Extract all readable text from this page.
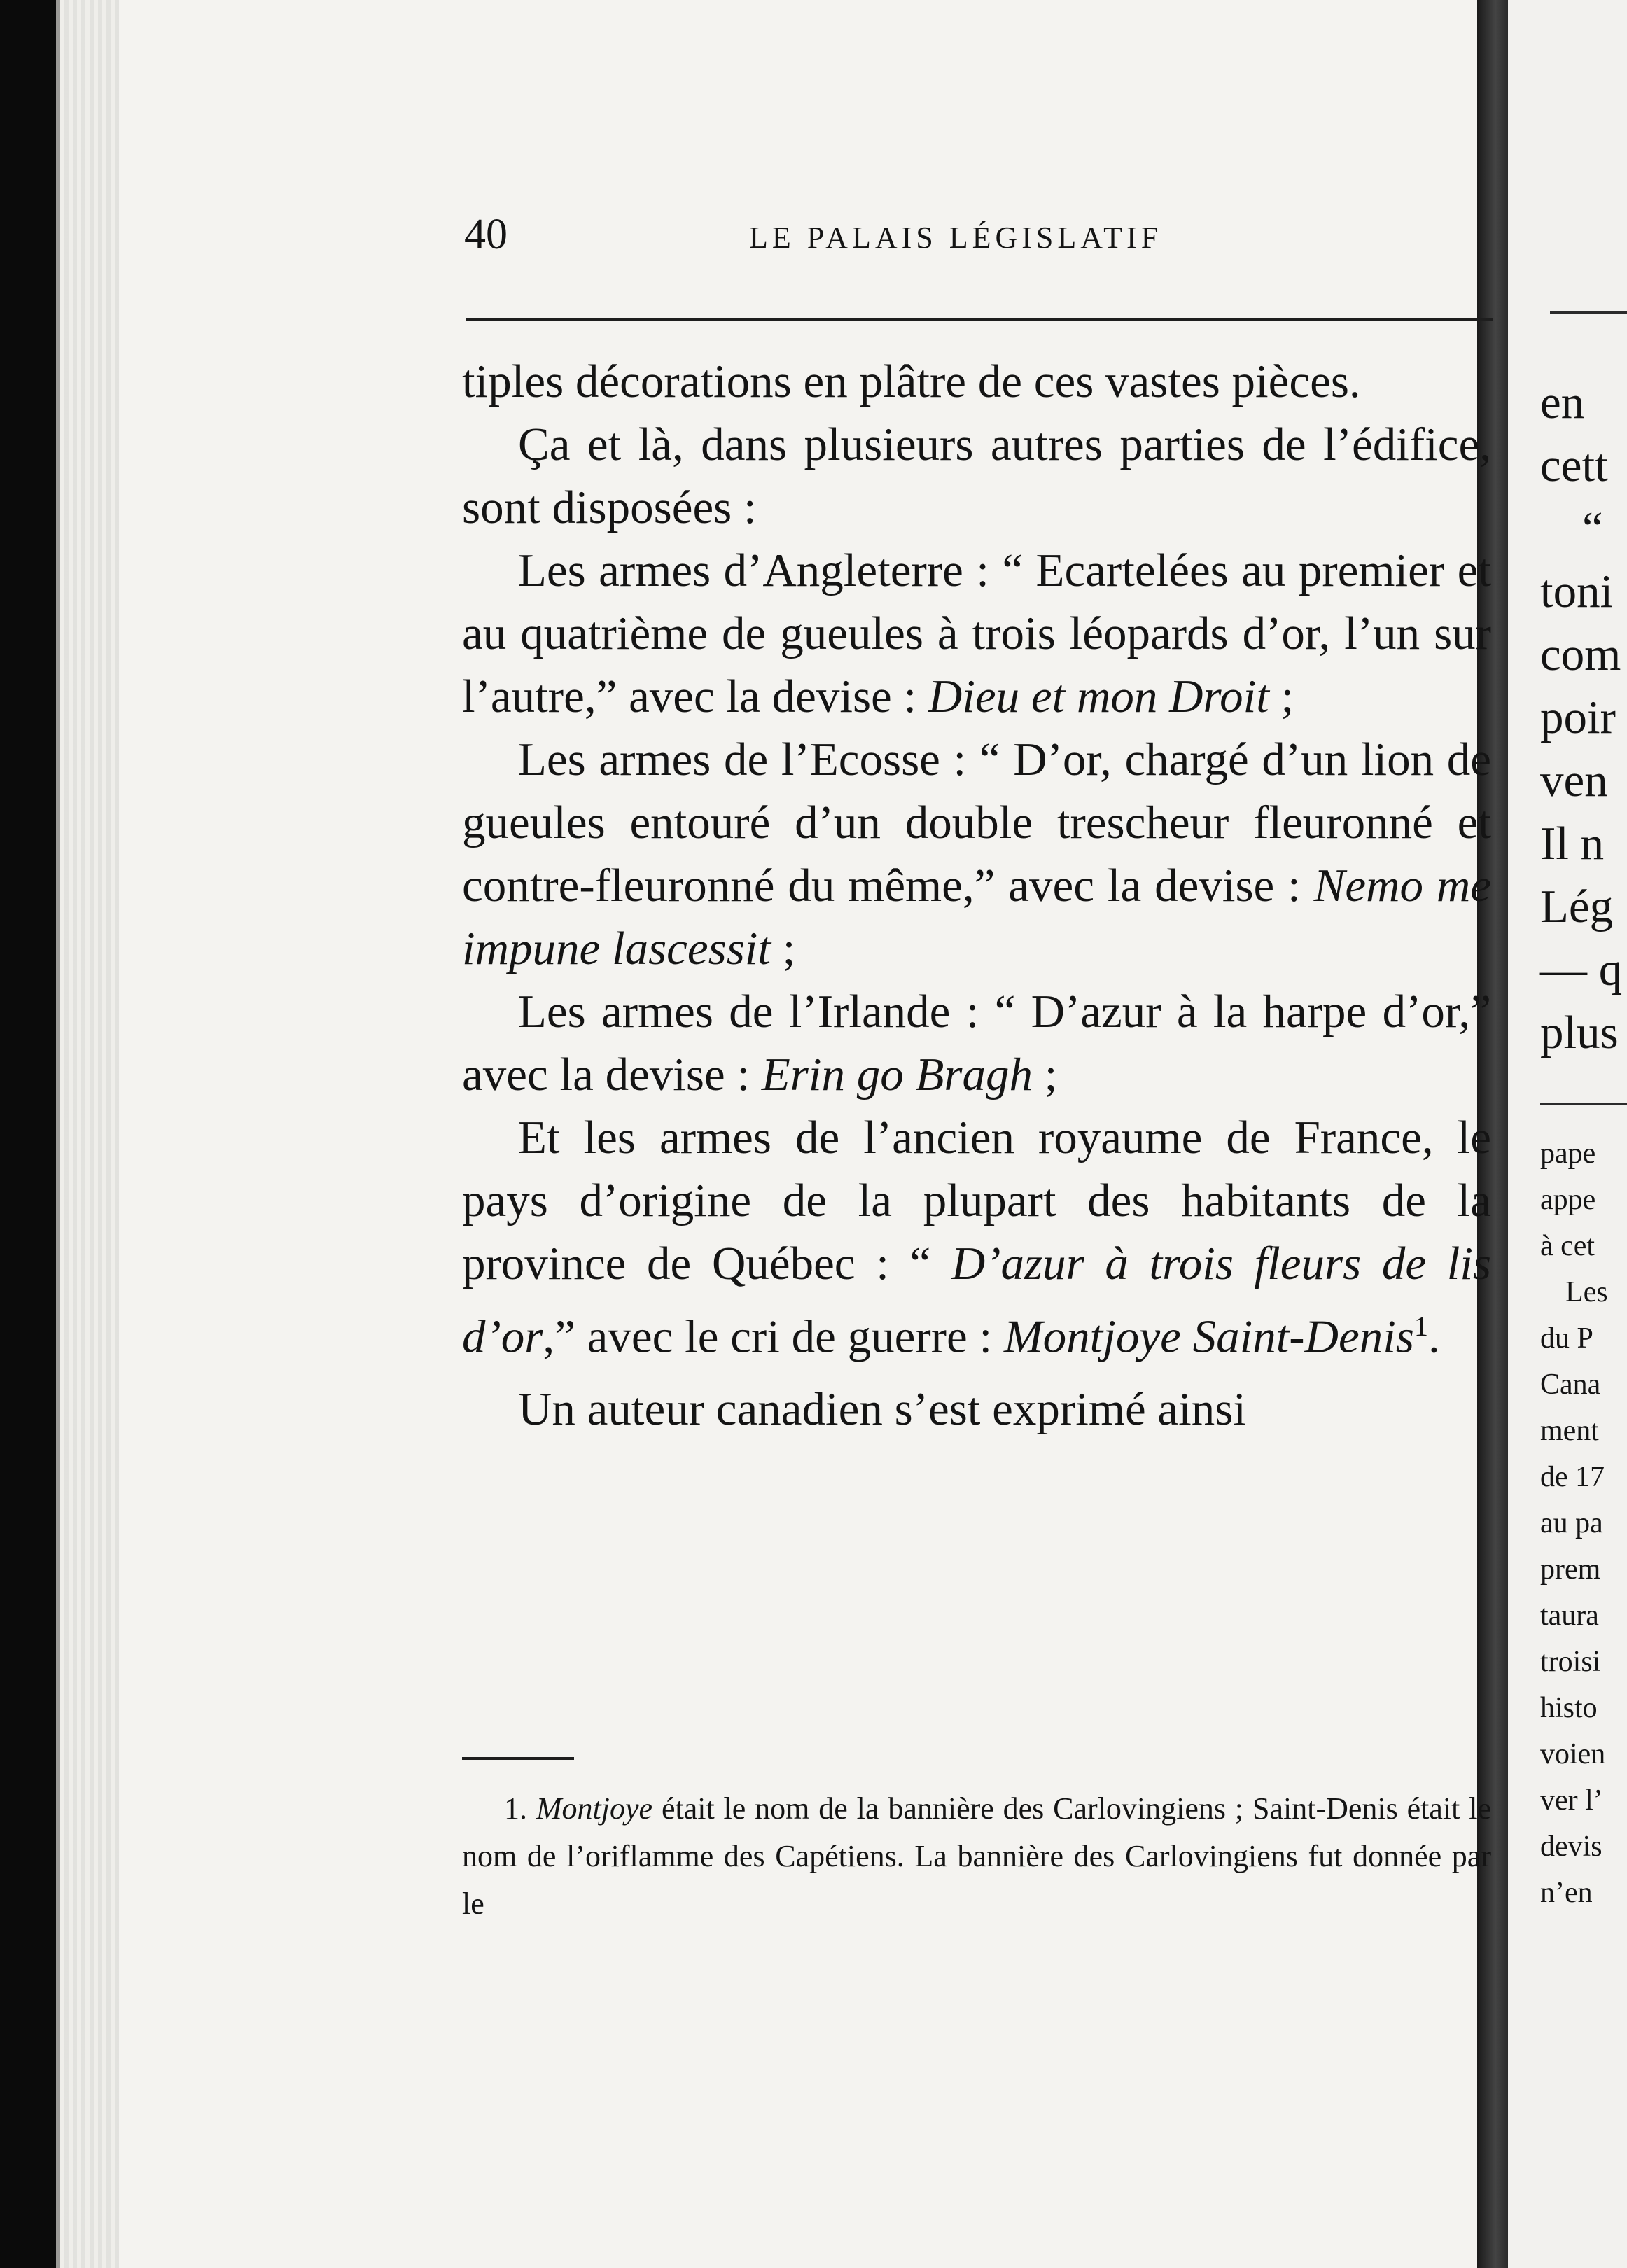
40	LE PALAIS LÉGISLATIF

tiples décorations en plâtre de ces vastes pièces.

Ça et là, dans plusieurs autres parties de l’édifice, sont disposées :

Les armes d’Angleterre : “ Ecartelées au premier et au quatrième de gueules à trois léopards d’or, l’un sur l’autre,” avec la devise : Dieu et mon Droit ;

Les armes de l’Ecosse : “ D’or, chargé d’un lion de gueules entouré d’un double trescheur fleuronné et contre-fleuronné du même,” avec la devise : Nemo me impune lascessit ;

Les armes de l’Irlande : “ D’azur à la harpe d’or,” avec la devise : Erin go Bragh ;

Et les armes de l’ancien royaume de France, le pays d’origine de la plupart des habitants de la province de Québec : “ D’azur à trois fleurs de lis d’or,” avec le cri de guerre : Montjoye Saint-Denis$^1$.

Un auteur canadien s’est exprimé ainsi

1. Montjoye était le nom de la bannière des Carlovingiens ; Saint-Denis était le nom de l’oriflamme des Capétiens. La bannière des Carlovingiens fut donnée par le
en
cett
“
toni
com
poir
ven
Il n
Lég
— q
plus
pape
appe
à cet
Les
du P
Cana
ment
de 17
au pa
prem
taura
troisi
histo
voien
ver l’
devis
n’en
